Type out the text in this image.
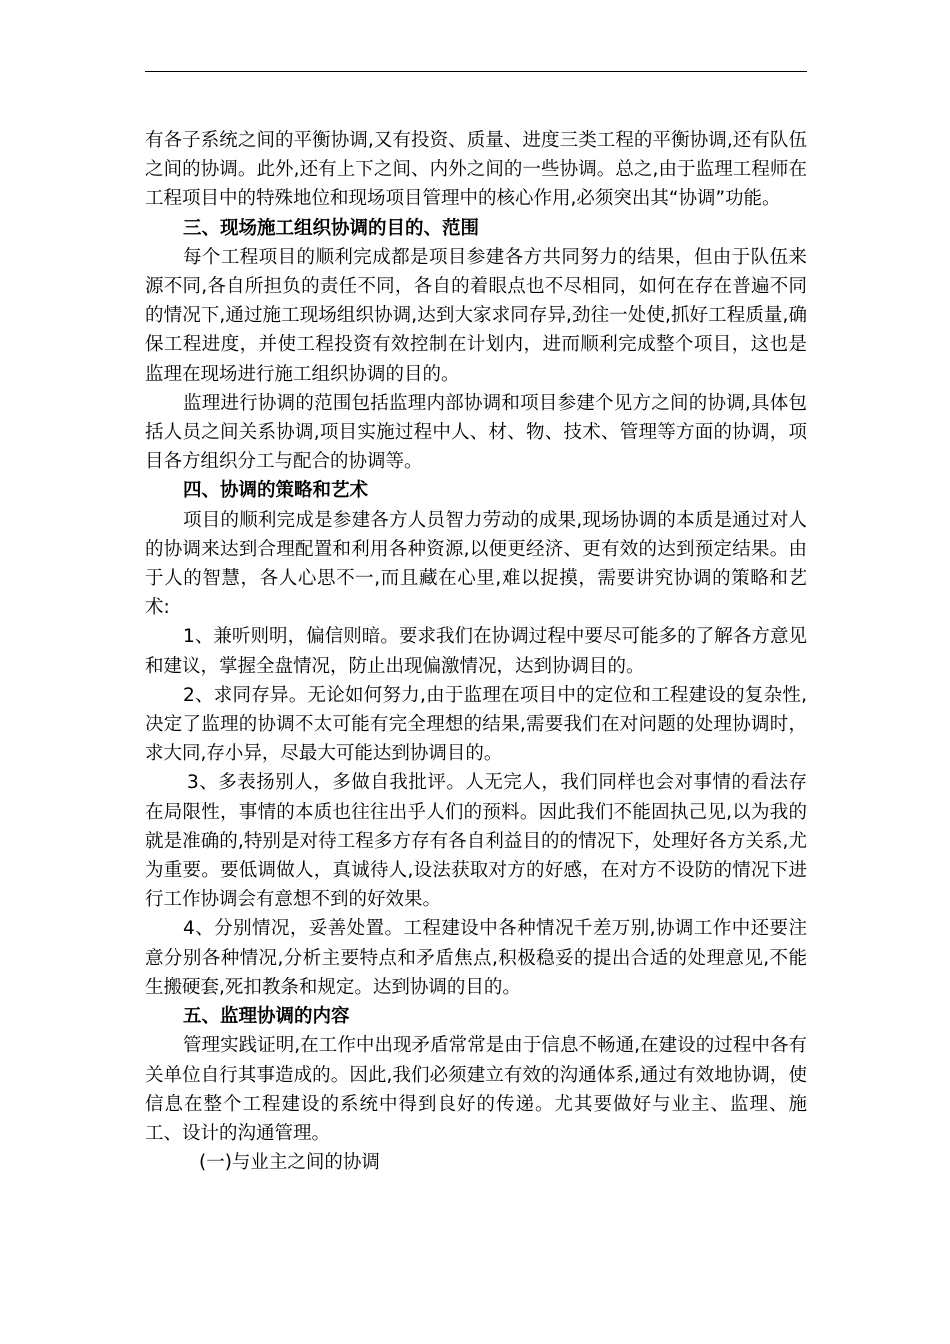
有各子系统之间的平衡协调,又有投资、质量、进度三类工程的平衡协调,还有队伍之间的协调。此外,还有上下之间、内外之间的一些协调。总之,由于监理工程师在工程项目中的特殊地位和现场项目管理中的核心作用,必须突出其“协调”功能。

三、现场施工组织协调的目的、范围

每个工程项目的顺利完成都是项目参建各方共同努力的结果，但由于队伍来源不同,各自所担负的责任不同，各自的着眼点也不尽相同，如何在存在普遍不同的情况下,通过施工现场组织协调,达到大家求同存异,劲往一处使,抓好工程质量,确保工程进度，并使工程投资有效控制在计划内，进而顺利完成整个项目，这也是监理在现场进行施工组织协调的目的。

监理进行协调的范围包括监理内部协调和项目参建个见方之间的协调,具体包括人员之间关系协调,项目实施过程中人、材、物、技术、管理等方面的协调，项目各方组织分工与配合的协调等。

四、协调的策略和艺术

项目的顺利完成是参建各方人员智力劳动的成果,现场协调的本质是通过对人的协调来达到合理配置和利用各种资源,以便更经济、更有效的达到预定结果。由于人的智慧，各人心思不一,而且藏在心里,难以捉摸，需要讲究协调的策略和艺术:

1、兼听则明，偏信则暗。要求我们在协调过程中要尽可能多的了解各方意见和建议，掌握全盘情况，防止出现偏激情况，达到协调目的。

2、求同存异。无论如何努力,由于监理在项目中的定位和工程建设的复杂性,决定了监理的协调不太可能有完全理想的结果,需要我们在对问题的处理协调时，求大同,存小异，尽最大可能达到协调目的。

3、多表扬别人，多做自我批评。人无完人，我们同样也会对事情的看法存在局限性，事情的本质也往往出乎人们的预料。因此我们不能固执己见,以为我的就是准确的,特别是对待工程多方存有各自利益目的的情况下，处理好各方关系,尤为重要。要低调做人，真诚待人,设法获取对方的好感，在对方不设防的情况下进行工作协调会有意想不到的好效果。

4、分别情况，妥善处置。工程建设中各种情况千差万别,协调工作中还要注意分别各种情况,分析主要特点和矛盾焦点,积极稳妥的提出合适的处理意见,不能生搬硬套,死扣教条和规定。达到协调的目的。

五、监理协调的内容

管理实践证明,在工作中出现矛盾常常是由于信息不畅通,在建设的过程中各有关单位自行其事造成的。因此,我们必须建立有效的沟通体系,通过有效地协调，使信息在整个工程建设的系统中得到良好的传递。尤其要做好与业主、监理、施工、设计的沟通管理。

(一)与业主之间的协调
